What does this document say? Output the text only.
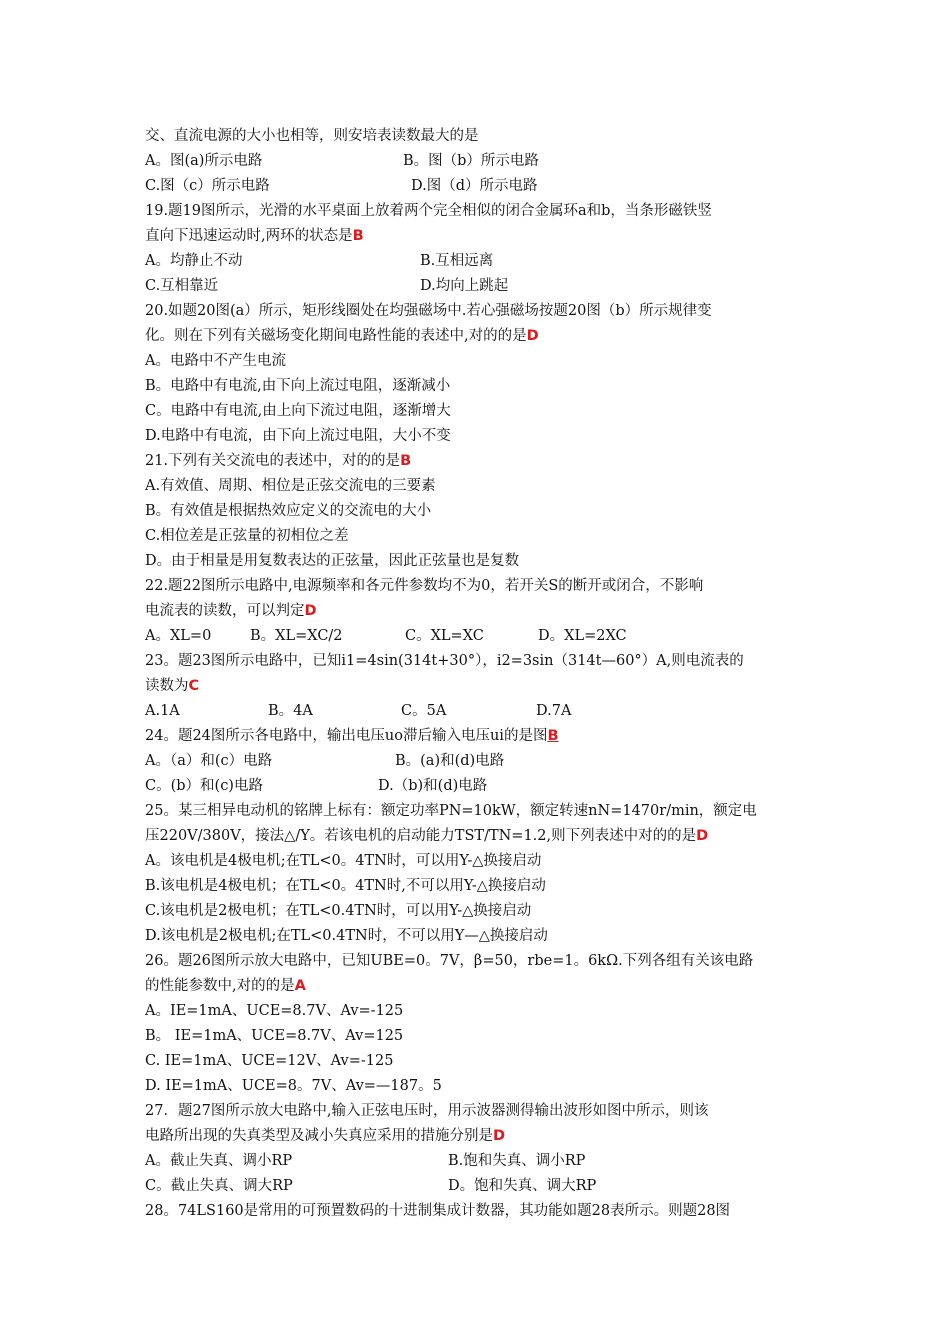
交、直流电源的大小也相等，则安培表读数最大的是
A。图(a)所示电路	B。图（b）所示电路
C.图（c）所示电路	D.图（d）所示电路
19.题19图所示，光滑的水平桌面上放着两个完全相似的闭合金属环a和b，当条形磁铁竖
直向下迅速运动时,两环的状态是B
A。均静止不动	B.互相远离
C.互相靠近	D.均向上跳起
20.如题20图(a）所示，矩形线圈处在均强磁场中.若心强磁场按题20图（b）所示规律变
化。则在下列有关磁场变化期间电路性能的表述中,对的的是D
A。电路中不产生电流
B。电路中有电流,由下向上流过电阻，逐渐减小
C。电路中有电流,由上向下流过电阻，逐渐增大
D.电路中有电流，由下向上流过电阻，大小不变
21.下列有关交流电的表述中，对的的是B
A.有效值、周期、相位是正弦交流电的三要素
B。有效值是根据热效应定义的交流电的大小
C.相位差是正弦量的初相位之差
D。由于相量是用复数表达的正弦量，因此正弦量也是复数
22.题22图所示电路中,电源频率和各元件参数均不为0，若开关S的断开或闭合，不影响
电流表的读数，可以判定D
A。XL=0	B。XL=XC/2	C。XL=XC	D。XL=2XC
23。题23图所示电路中，已知i1=4sin(314t+30°），i2=3sin（314t—60°）A,则电流表的
读数为C
A.1A	B。4A	C。5A	D.7A
24。题24图所示各电路中，输出电压uo滞后输入电压ui的是图B
A。（a）和(c）电路	B。(a)和(d)电路
C。(b）和(c)电路	D.（b)和(d)电路
25。某三相异电动机的铭牌上标有：额定功率PN=10kW，额定转速nN=1470r/min，额定电
压220V/380V，接法△/Y。若该电机的启动能力TST/TN=1.2,则下列表述中对的的是D
A。该电机是4极电机;在TL<0。4TN时，可以用Y-△换接启动
B.该电机是4极电机；在TL<0。4TN时,不可以用Y-△换接启动
C.该电机是2极电机；在TL<0.4TN时，可以用Y-△换接启动
D.该电机是2极电机;在TL<0.4TN时，不可以用Y—△换接启动
26。题26图所示放大电路中，已知UBE=0。7V，β=50，rbe=1。6kΩ.下列各组有关该电路
的性能参数中,对的的是A
A。IE=1mA、UCE=8.7V、Av=-125
B。 IE=1mA、UCE=8.7V、Av=125
C. IE=1mA、UCE=12V、Av=-125
D. IE=1mA、UCE=8。7V、Av=—187。5
27．题27图所示放大电路中,输入正弦电压时，用示波器测得输出波形如图中所示，则该
电路所出现的失真类型及减小失真应采用的措施分别是D
A。截止失真、调小RP	B.饱和失真、调小RP
C。截止失真、调大RP	D。饱和失真、调大RP
28。74LS160是常用的可预置数码的十进制集成计数器，其功能如题28表所示。则题28图
